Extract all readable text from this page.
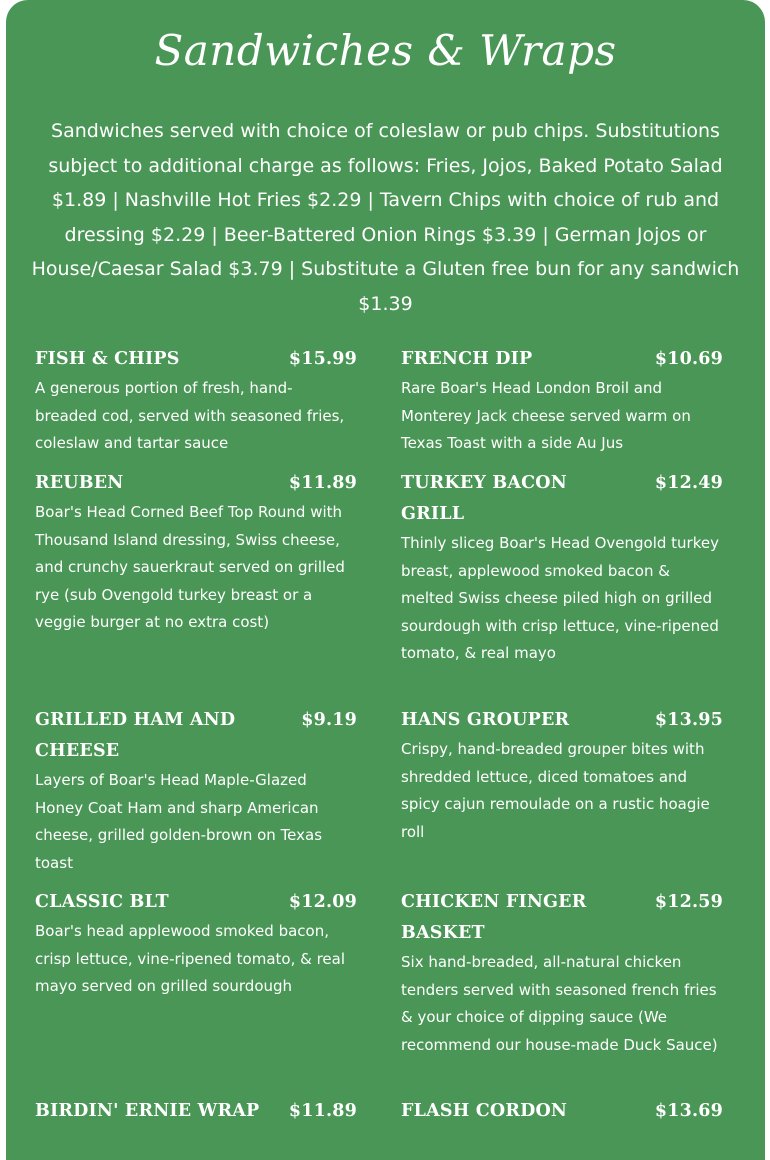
Sandwiches & Wraps
Sandwiches served with choice of coleslaw or pub chips. Substitutions subject to additional charge as follows: Fries, Jojos, Baked Potato Salad $1.89 | Nashville Hot Fries $2.29 | Tavern Chips with choice of rub and dressing $2.29 | Beer-Battered Onion Rings $3.39 | German Jojos or House/Caesar Salad $3.79 | Substitute a Gluten free bun for any sandwich $1.39
FISH & CHIPS	$15.99
A generous portion of fresh, hand-breaded cod, served with seasoned fries, coleslaw and tartar sauce
FRENCH DIP	$10.69
Rare Boar's Head London Broil and Monterey Jack cheese served warm on Texas Toast with a side Au Jus
REUBEN	$11.89
Boar's Head Corned Beef Top Round with Thousand Island dressing, Swiss cheese, and crunchy sauerkraut served on grilled rye (sub Ovengold turkey breast or a veggie burger at no extra cost)
TURKEY BACON GRILL
$12.49
Thinly sliceg Boar's Head Ovengold turkey breast, applewood smoked bacon & melted Swiss cheese piled high on grilled sourdough with crisp lettuce, vine-ripened tomato, & real mayo
GRILLED HAM AND CHEESE
$9.19
Layers of Boar's Head Maple-Glazed Honey Coat Ham and sharp American cheese, grilled golden-brown on Texas toast
HANS GROUPER	$13.95
Crispy, hand-breaded grouper bites with shredded lettuce, diced tomatoes and spicy cajun remoulade on a rustic hoagie roll
CLASSIC BLT	$12.09
Boar's head applewood smoked bacon, crisp lettuce, vine-ripened tomato, & real mayo served on grilled sourdough
CHICKEN FINGER BASKET
$12.59
Six hand-breaded, all-natural chicken tenders served with seasoned french fries & your choice of dipping sauce (We recommend our house-made Duck Sauce)
BIRDIN' ERNIE WRAP	$11.89	FLASH CORDON	$13.69
